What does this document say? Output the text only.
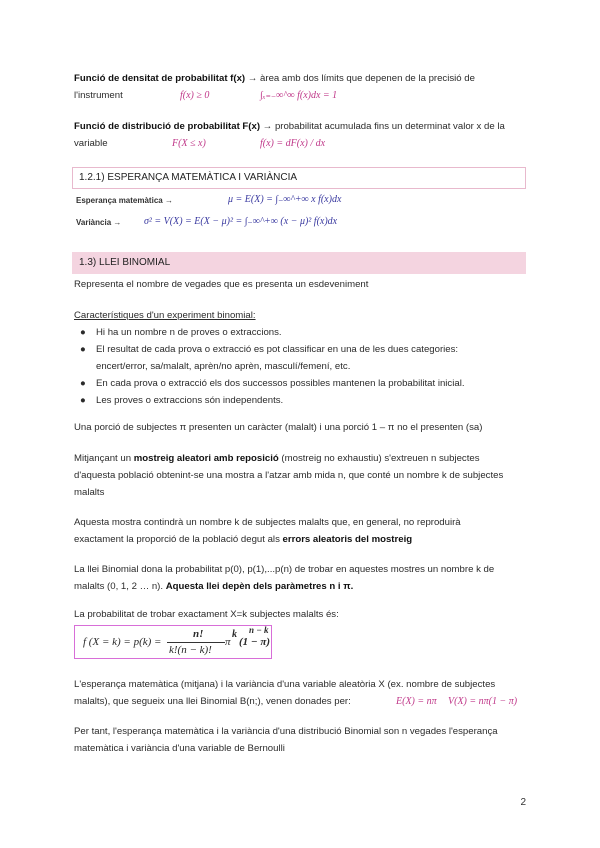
Funció de densitat de probabilitat f(x) → àrea amb dos límits que depenen de la precisió de
l'instrument	f(x) ≥ 0	∫ₓ₌₋∞^∞ f(x)dx = 1
Funció de distribució de probabilitat F(x) → probabilitat acumulada fins un determinat valor x de la
variable	F(X ≤ x)	f(x) = dF(x) / dx
1.2.1) ESPERANÇA MATEMÀTICA I VARIÀNCIA
Esperança matemàtica →	μ = E(X) = ∫₋∞^+∞ x f(x)dx
Variància → σ² = V(X) = E(X − μ)² = ∫₋∞^+∞ (x − μ)² f(x)dx
1.3) LLEI BINOMIAL
Representa el nombre de vegades que es presenta un esdeveniment
Característiques d'un experiment binomial:
● Hi ha un nombre n de proves o extraccions.
● El resultat de cada prova o extracció es pot classificar en una de les dues categories:
encert/error, sa/malalt, aprèn/no aprèn, masculí/femení, etc.
● En cada prova o extracció els dos successos possibles mantenen la probabilitat inicial.
● Les proves o extraccions són independents.
Una porció de subjectes π presenten un caràcter (malalt) i una porció 1 – π no el presenten (sa)
Mitjançant un mostreig aleatori amb reposició (mostreig no exhaustiu) s'extreuen n subjectes
d'aquesta població obtenint-se una mostra a l'atzar amb mida n, que conté un nombre k de subjectes
malalts
Aquesta mostra contindrà un nombre k de subjectes malalts que, en general, no reproduirà
exactament la proporció de la població degut als errors aleatoris del mostreig
La llei Binomial dona la probabilitat p(0), p(1),...p(n) de trobar en aquestes mostres un nombre k de
malalts (0, 1, 2 … n). Aquesta llei depèn dels paràmetres n i π.
La probabilitat de trobar exactament X=k subjectes malalts és:
f (X = k) = p(k) =
n!
k!(n − k)!
π
k
(1 − π)
n − k
L'esperança matemàtica (mitjana) i la variància d'una variable aleatòria X (ex. nombre de subjectes
malalts), que segueix una llei Binomial B(n;), venen donades per:	E(X) = nπ V(X) = nπ(1 − π)
Per tant, l'esperança matemàtica i la variància d'una distribució Binomial son n vegades l'esperança
matemàtica i variància d'una variable de Bernoulli
2
